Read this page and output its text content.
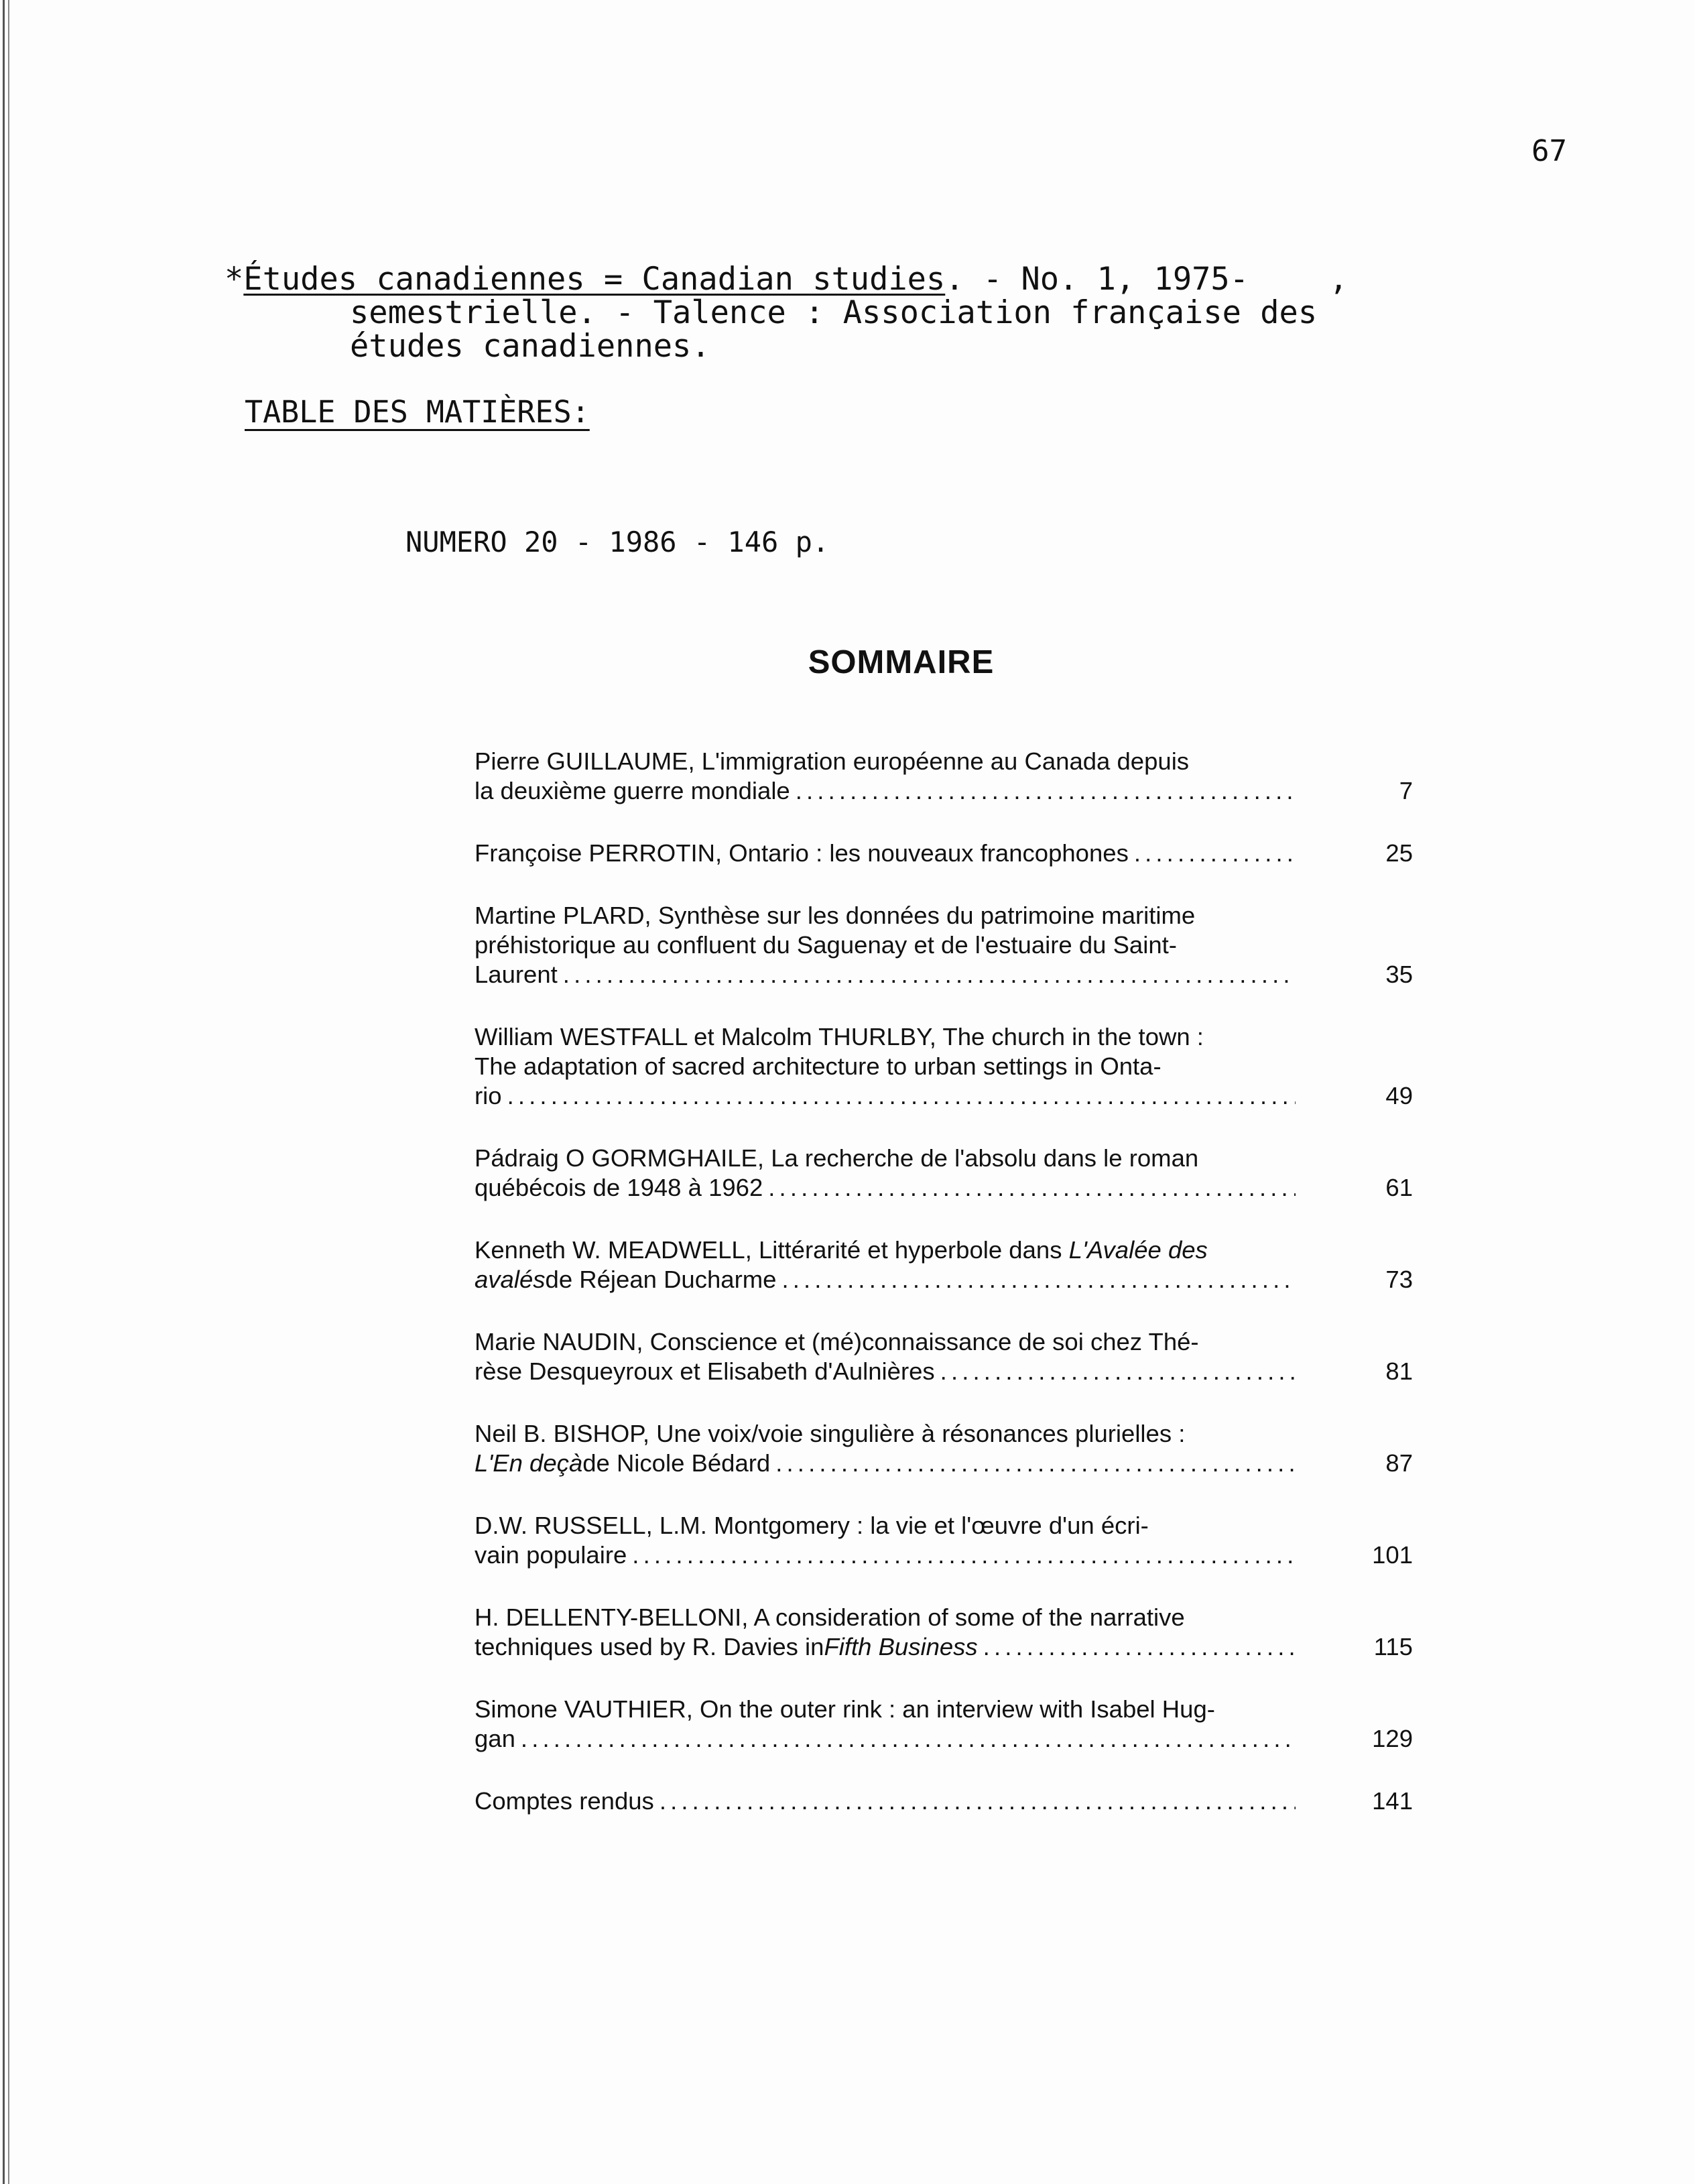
67
*Études canadiennes = Canadian studies. - No. 1, 1975-	,
semestrielle. - Talence : Association française des
études canadiennes.
TABLE DES MATIÈRES:
NUMERO 20 - 1986 - 146 p.
SOMMAIRE
Pierre GUILLAUME, L'immigration européenne au Canada depuis
la deuxième guerre mondiale . . .	7
Françoise PERROTIN, Ontario : les nouveaux francophones . . .	25
Martine PLARD, Synthèse sur les données du patrimoine maritime
préhistorique au confluent du Saguenay et de l'estuaire du Saint-
Laurent . . .	35
William WESTFALL et Malcolm THURLBY, The church in the town :
The adaptation of sacred architecture to urban settings in Onta-
rio . . .	49
Pádraig O GORMGHAILE, La recherche de l'absolu dans le roman
québécois de 1948 à 1962 . . .	61
Kenneth W. MEADWELL, Littérarité et hyperbole dans L'Avalée des
avalés de Réjean Ducharme . . .	73
Marie NAUDIN, Conscience et (mé)connaissance de soi chez Thé-
rèse Desqueyroux et Elisabeth d'Aulnières . . .	81
Neil B. BISHOP, Une voix/voie singulière à résonances plurielles :
L'En deçà de Nicole Bédard . . .	87
D.W. RUSSELL, L.M. Montgomery : la vie et l'œuvre d'un écri-
vain populaire . . .	101
H. DELLENTY-BELLONI, A consideration of some of the narrative
techniques used by R. Davies in Fifth Business . . .	115
Simone VAUTHIER, On the outer rink : an interview with Isabel Hug-
gan . . .	129
Comptes rendus . . .	141
